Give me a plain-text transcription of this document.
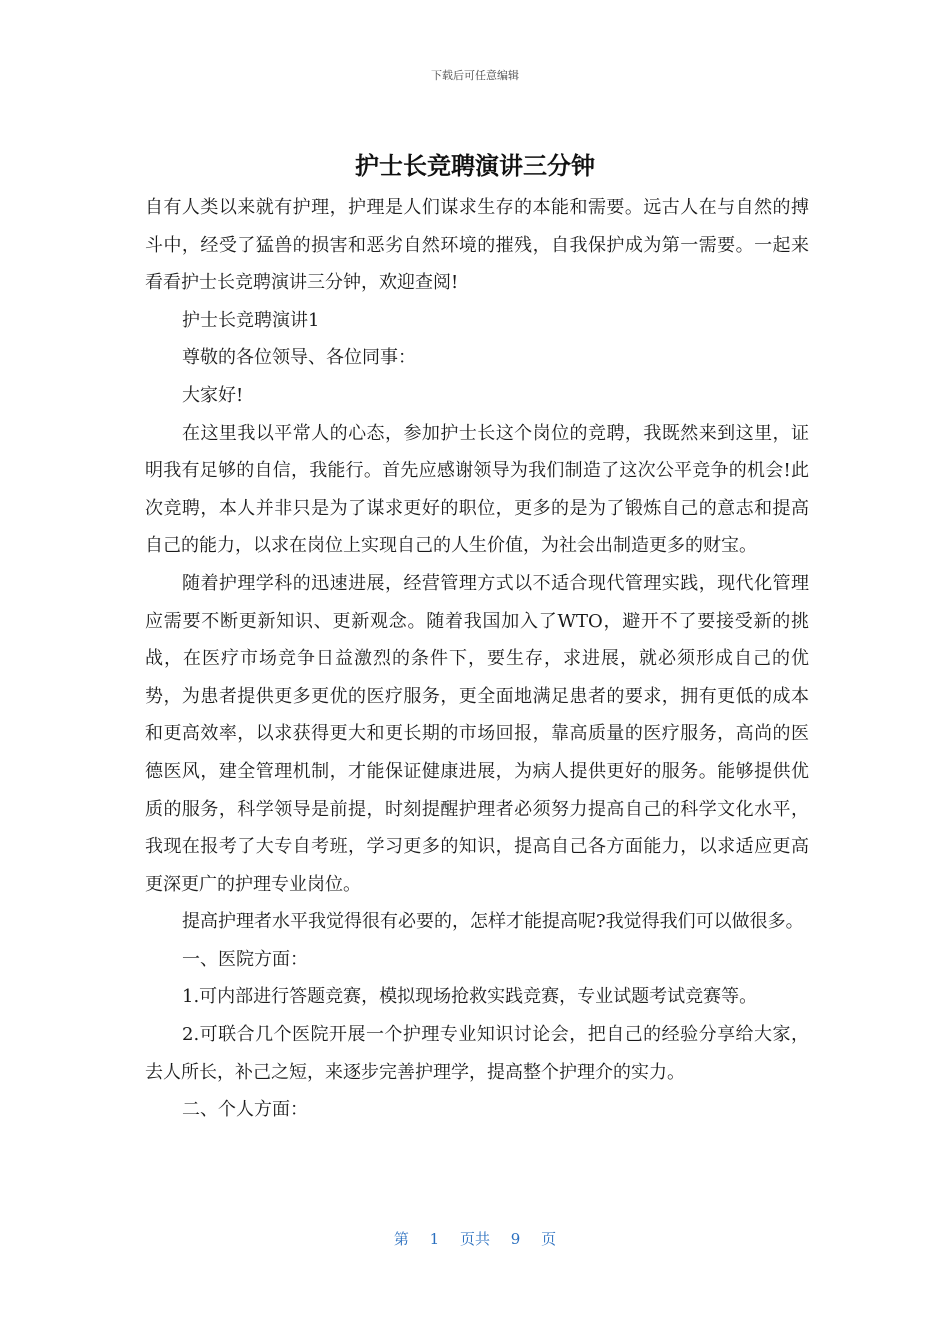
下载后可任意编辑
护士长竞聘演讲三分钟

自有人类以来就有护理，护理是人们谋求生存的本能和需要。远古人在与自然的搏斗中，经受了猛兽的损害和恶劣自然环境的摧残，自我保护成为第一需要。一起来看看护士长竞聘演讲三分钟，欢迎查阅!

护士长竞聘演讲1

尊敬的各位领导、各位同事：

大家好!

在这里我以平常人的心态，参加护士长这个岗位的竞聘，我既然来到这里，证明我有足够的自信，我能行。首先应感谢领导为我们制造了这次公平竞争的机会!此次竞聘，本人并非只是为了谋求更好的职位，更多的是为了锻炼自己的意志和提高自己的能力，以求在岗位上实现自己的人生价值，为社会出制造更多的财宝。

随着护理学科的迅速进展，经营管理方式以不适合现代管理实践，现代化管理应需要不断更新知识、更新观念。随着我国加入了WTO，避开不了要接受新的挑战，在医疗市场竞争日益激烈的条件下，要生存，求进展，就必须形成自己的优势，为患者提供更多更优的医疗服务，更全面地满足患者的要求，拥有更低的成本和更高效率，以求获得更大和更长期的市场回报，靠高质量的医疗服务，高尚的医德医风，建全管理机制，才能保证健康进展，为病人提供更好的服务。能够提供优质的服务，科学领导是前提，时刻提醒护理者必须努力提高自己的科学文化水平，我现在报考了大专自考班，学习更多的知识，提高自己各方面能力，以求适应更高更深更广的护理专业岗位。

提高护理者水平我觉得很有必要的，怎样才能提高呢?我觉得我们可以做很多。

一、医院方面：

1.可内部进行答题竞赛，模拟现场抢救实践竞赛，专业试题考试竞赛等。

2.可联合几个医院开展一个护理专业知识讨论会，把自己的经验分享给大家，去人所长，补己之短，来逐步完善护理学，提高整个护理介的实力。

二、个人方面：

第 1 页共 9 页
